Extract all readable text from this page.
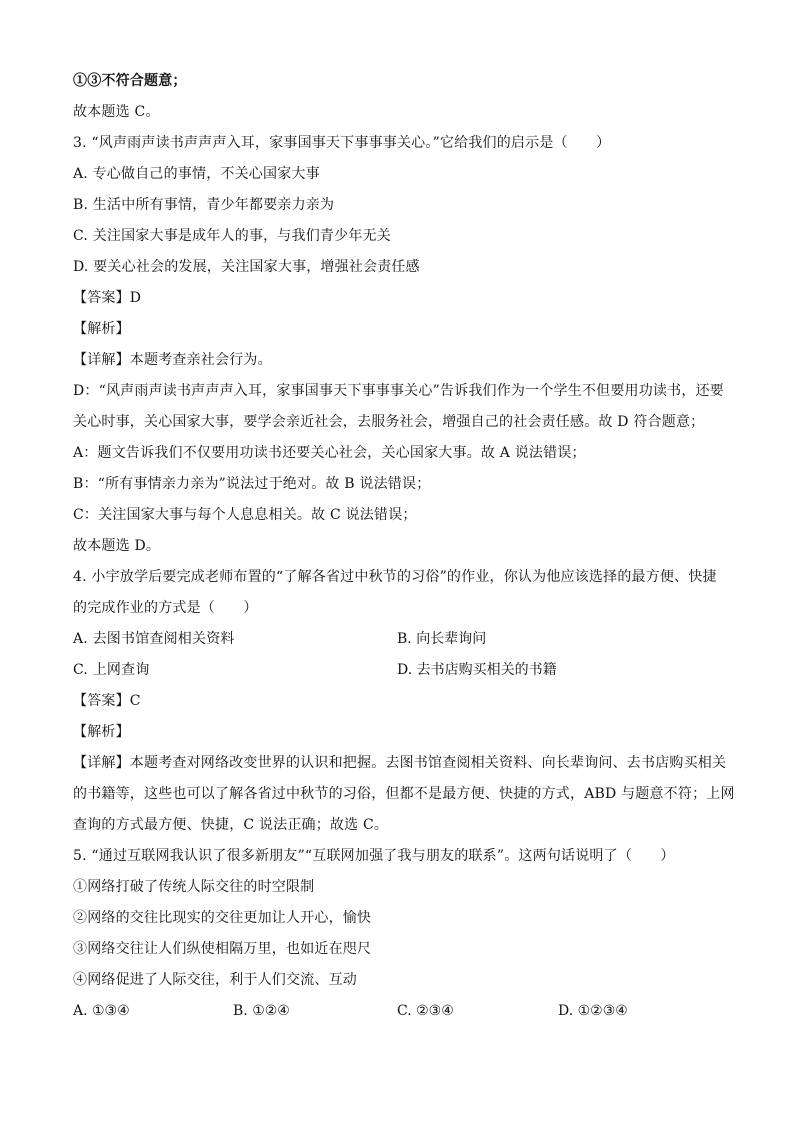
①③不符合题意；
故本题选 C。
3. “风声雨声读书声声声入耳，家事国事天下事事事关心。”它给我们的启示是（　　）
A. 专心做自己的事情，不关心国家大事
B. 生活中所有事情，青少年都要亲力亲为
C. 关注国家大事是成年人的事，与我们青少年无关
D. 要关心社会的发展，关注国家大事，增强社会责任感
【答案】D
【解析】
【详解】本题考查亲社会行为。
D：“风声雨声读书声声声入耳，家事国事天下事事事关心”告诉我们作为一个学生不但要用功读书，还要
关心时事，关心国家大事，要学会亲近社会，去服务社会，增强自己的社会责任感。故 D 符合题意；
A：题文告诉我们不仅要用功读书还要关心社会，关心国家大事。故 A 说法错误；
B：“所有事情亲力亲为”说法过于绝对。故 B 说法错误；
C：关注国家大事与每个人息息相关。故 C 说法错误；
故本题选 D。
4. 小宇放学后要完成老师布置的“了解各省过中秋节的习俗”的作业，你认为他应该选择的最方便、快捷
的完成作业的方式是（　　）
A. 去图书馆查阅相关资料	B. 向长辈询问
C. 上网查询	D. 去书店购买相关的书籍
【答案】C
【解析】
【详解】本题考查对网络改变世界的认识和把握。去图书馆查阅相关资料、向长辈询问、去书店购买相关
的书籍等，这些也可以了解各省过中秋节的习俗，但都不是最方便、快捷的方式，ABD 与题意不符；上网
查询的方式最方便、快捷，C 说法正确；故选 C。
5. “通过互联网我认识了很多新朋友”“互联网加强了我与朋友的联系”。这两句话说明了（　　）
①网络打破了传统人际交往的时空限制
②网络的交往比现实的交往更加让人开心，愉快
③网络交往让人们纵使相隔万里，也如近在咫尺
④网络促进了人际交往，利于人们交流、互动
A. ①③④	B. ①②④	C. ②③④	D. ①②③④
